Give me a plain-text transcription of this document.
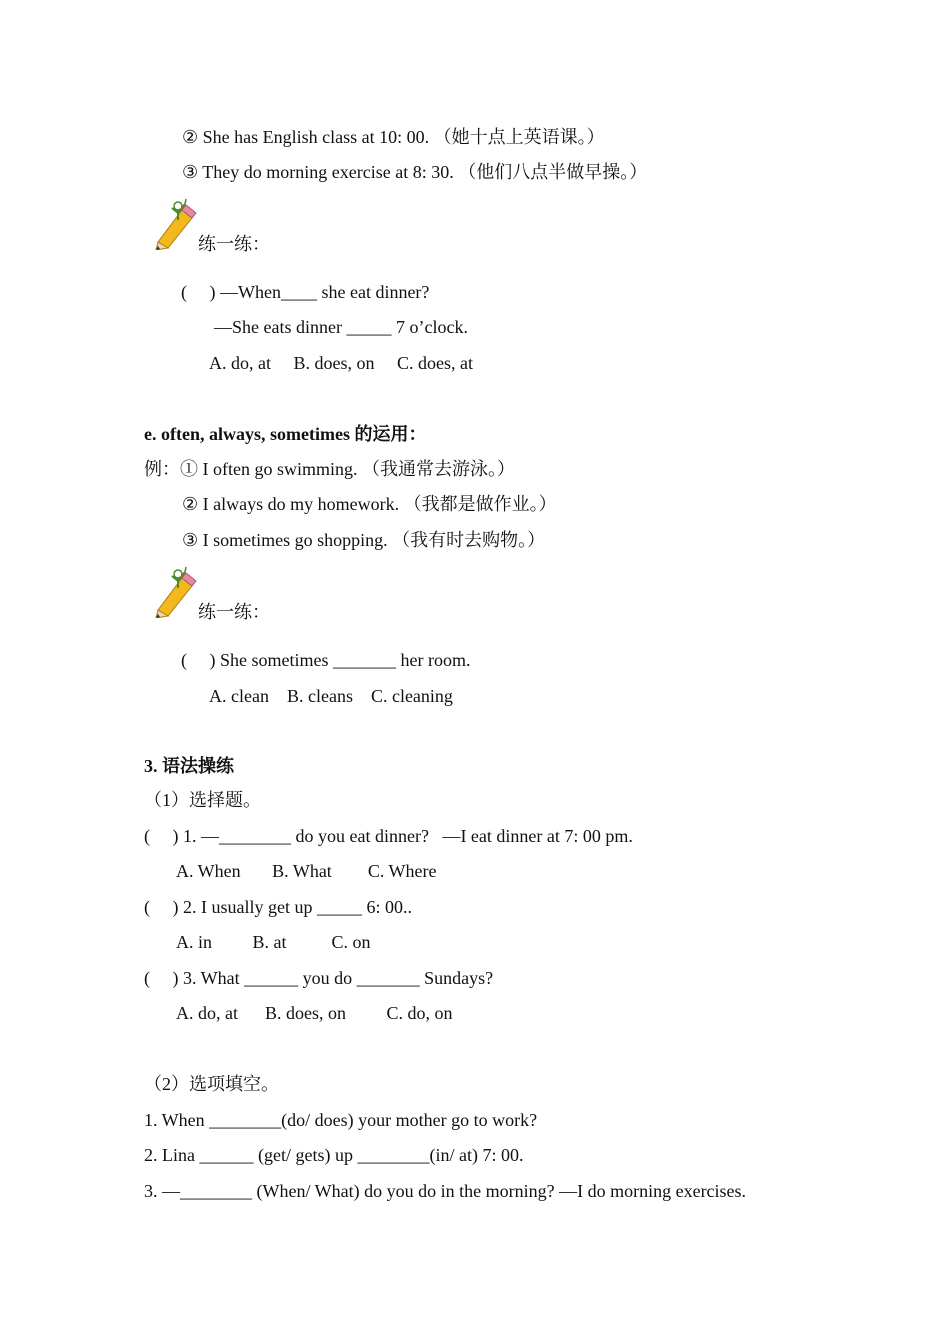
② She has English class at 10: 00. （她十点上英语课。）
③ They do morning exercise at 8: 30. （他们八点半做早操。）
练一练：
(     ) —When____ she eat dinner?
—She eats dinner _____ 7 o’clock.
A. do, at     B. does, on     C. does, at
e. often, always, sometimes 的运用：
例：① I often go swimming. （我通常去游泳。）
② I always do my homework. （我都是做作业。）
③ I sometimes go shopping. （我有时去购物。）
练一练：
(     ) She sometimes _______ her room.
A. clean    B. cleans    C. cleaning
3. 语法操练
（1）选择题。
(     ) 1. —________ do you eat dinner?   —I eat dinner at 7: 00 pm.
A. When       B. What        C. Where
(     ) 2. I usually get up _____ 6: 00..
A. in         B. at          C. on
(     ) 3. What ______ you do _______ Sundays?
A. do, at      B. does, on         C. do, on
（2）选项填空。
1. When ________(do/ does) your mother go to work?
2. Lina ______ (get/ gets) up ________(in/ at) 7: 00.
3. —________ (When/ What) do you do in the morning? —I do morning exercises.
